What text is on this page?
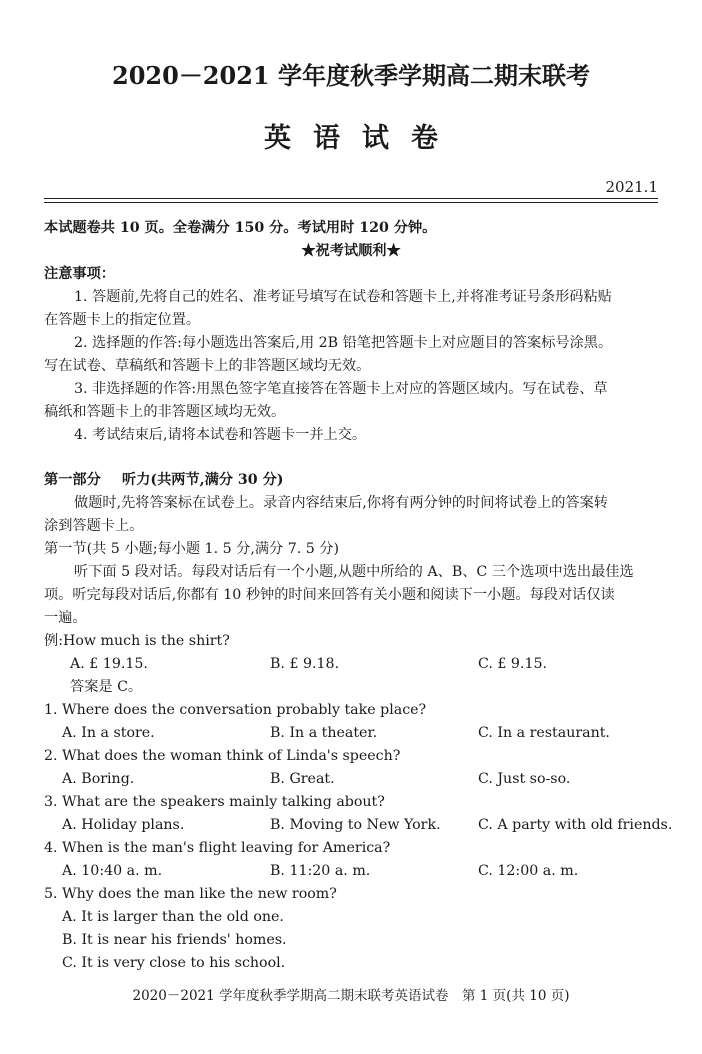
2020－2021 学年度秋季学期高二期末联考
英语试卷
2021.1
本试题卷共 10 页。全卷满分 150 分。考试用时 120 分钟。
★祝考试顺利★
注意事项：
1. 答题前,先将自己的姓名、准考证号填写在试卷和答题卡上,并将准考证号条形码粘贴
在答题卡上的指定位置。
2. 选择题的作答:每小题选出答案后,用 2B 铅笔把答题卡上对应题目的答案标号涂黑。
写在试卷、草稿纸和答题卡上的非答题区域均无效。
3. 非选择题的作答:用黑色签字笔直接答在答题卡上对应的答题区域内。写在试卷、草
稿纸和答题卡上的非答题区域均无效。
4. 考试结束后,请将本试卷和答题卡一并上交。
第一部分 听力(共两节,满分 30 分)
做题时,先将答案标在试卷上。录音内容结束后,你将有两分钟的时间将试卷上的答案转
涂到答题卡上。
第一节(共 5 小题;每小题 1. 5 分,满分 7. 5 分)
听下面 5 段对话。每段对话后有一个小题,从题中所给的 A、B、C 三个选项中选出最佳选
项。听完每段对话后,你都有 10 秒钟的时间来回答有关小题和阅读下一小题。每段对话仅读
一遍。
例:How much is the shirt?
A. £ 19.15.	B. £ 9.18.	C. £ 9.15.
答案是 C。
1. Where does the conversation probably take place?
A. In a store.	B. In a theater.	C. In a restaurant.
2. What does the woman think of Linda's speech?
A. Boring.	B. Great.	C. Just so-so.
3. What are the speakers mainly talking about?
A. Holiday plans.	B. Moving to New York.	C. A party with old friends.
4. When is the man's flight leaving for America?
A. 10:40 a. m.	B. 11:20 a. m.	C. 12:00 a. m.
5. Why does the man like the new room?
A. It is larger than the old one.
B. It is near his friends' homes.
C. It is very close to his school.
2020－2021 学年度秋季学期高二期末联考英语试卷　第 1 页(共 10 页)
